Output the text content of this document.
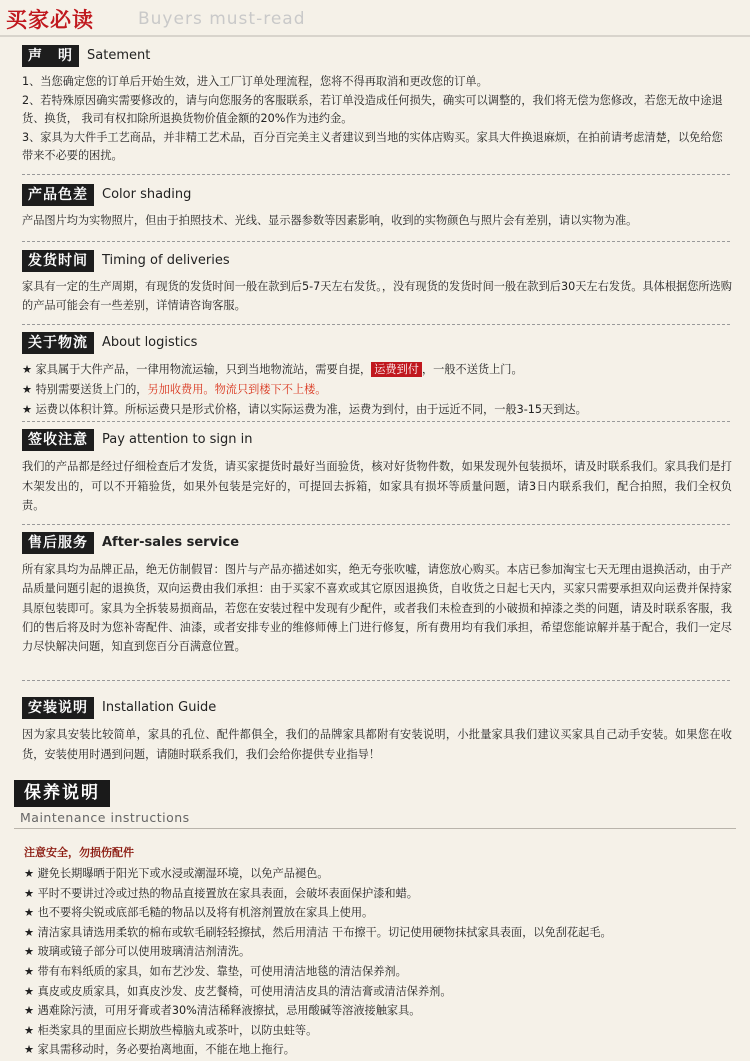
买家必读	Buyers must-read
声　明 Satement

1、当您确定您的订单后开始生效，进入工厂订单处理流程，您将不得再取消和更改您的订单。

2、若特殊原因确实需要修改的，请与向您服务的客服联系，若订单没造成任何损失，确实可以调整的，我们将无偿为您修改，若您无故中途退货、换货， 我司有权扣除所退换货物价值金额的20%作为违约金。

3、家具为大件手工艺商品，并非精工艺术品，百分百完美主义者建议到当地的实体店购买。家具大件换退麻烦，在拍前请考虑清楚，以免给您带来不必要的困扰。

产品色差 Color shading

产品图片均为实物照片，但由于拍照技术、光线、显示器参数等因素影响，收到的实物颜色与照片会有差别，请以实物为准。

发货时间 Timing of deliveries

家具有一定的生产周期，有现货的发货时间一般在款到后5-7天左右发货。，没有现货的发货时间一般在款到后30天左右发货。具体根据您所选购的产品可能会有一些差别，详情请咨询客服。

关于物流 About logistics

★ 家具属于大件产品，一律用物流运输，只到当地物流站，需要自提， 运费到付 ，一般不送货上门。

★ 特别需要送货上门的，另加收费用。物流只到楼下不上楼。

★ 运费以体积计算。所标运费只是形式价格，请以实际运费为准，运费为到付，由于远近不同，一般3-15天到达。

签收注意 Pay attention to sign in

我们的产品都是经过仔细检查后才发货，请买家提货时最好当面验货，核对好货物件数，如果发现外包装损坏，请及时联系我们。家具我们是打木架发出的，可以不开箱验货，如果外包装是完好的，可提回去拆箱，如家具有损坏等质量问题，请3日内联系我们，配合拍照，我们全权负责。

售后服务 After-sales service

所有家具均为品牌正品，绝无仿制假冒：图片与产品亦描述如实，绝无夸张吹嘘，请您放心购买。本店已参加淘宝七天无理由退换活动，由于产品质量问题引起的退换货，双向运费由我们承担：由于买家不喜欢或其它原因退换货，自收货之日起七天内，买家只需要承担双向运费并保持家具原包装即可。家具为全拆装易损商品，若您在安装过程中发现有少配件，或者我们未检查到的小破损和掉漆之类的问题，请及时联系客服，我们的售后将及时为您补寄配件、油漆，或者安排专业的维修师傅上门进行修复，所有费用均有我们承担，希望您能谅解并基于配合，我们一定尽力尽快解决问题，知直到您百分百满意位置。

安装说明 Installation Guide

因为家具安装比较简单，家具的孔位、配件都俱全，我们的品牌家具都附有安装说明，小批量家具我们建议买家具自己动手安装。如果您在收货，安装使用时遇到问题，请随时联系我们，我们会给你提供专业指导！

保养说明
Maintenance instructions
注意安全，勿损伤配件
★ 避免长期曝晒于阳光下或水浸或潮湿环境，以免产品褪色。
★ 平时不要讲过冷或过热的物品直接置放在家具表面，会破坏表面保护漆和蜡。
★ 也不要将尖锐或底部毛糙的物品以及将有机溶剂置放在家具上使用。
★ 清洁家具请选用柔软的棉布或软毛刷轻轻擦拭，然后用清洁 干布擦干。切记使用硬物抹拭家具表面，以免刮花起毛。
★ 玻璃或镜子部分可以使用玻璃清洁剂清洗。
★ 带有布料纸质的家具，如布艺沙发、靠垫，可使用清洁地毯的清洁保养剂。
★ 真皮或皮质家具，如真皮沙发、皮艺餐椅，可使用清洁皮具的清洁膏或清洁保养剂。
★ 遇难除污渍，可用牙膏或者30%清洁稀释液擦拭，忌用酸碱等溶液接触家具。
★ 柜类家具的里面应长期放些樟脑丸或茶叶，以防虫蛀等。
★ 家具需移动时，务必要抬离地面，不能在地上拖行。
